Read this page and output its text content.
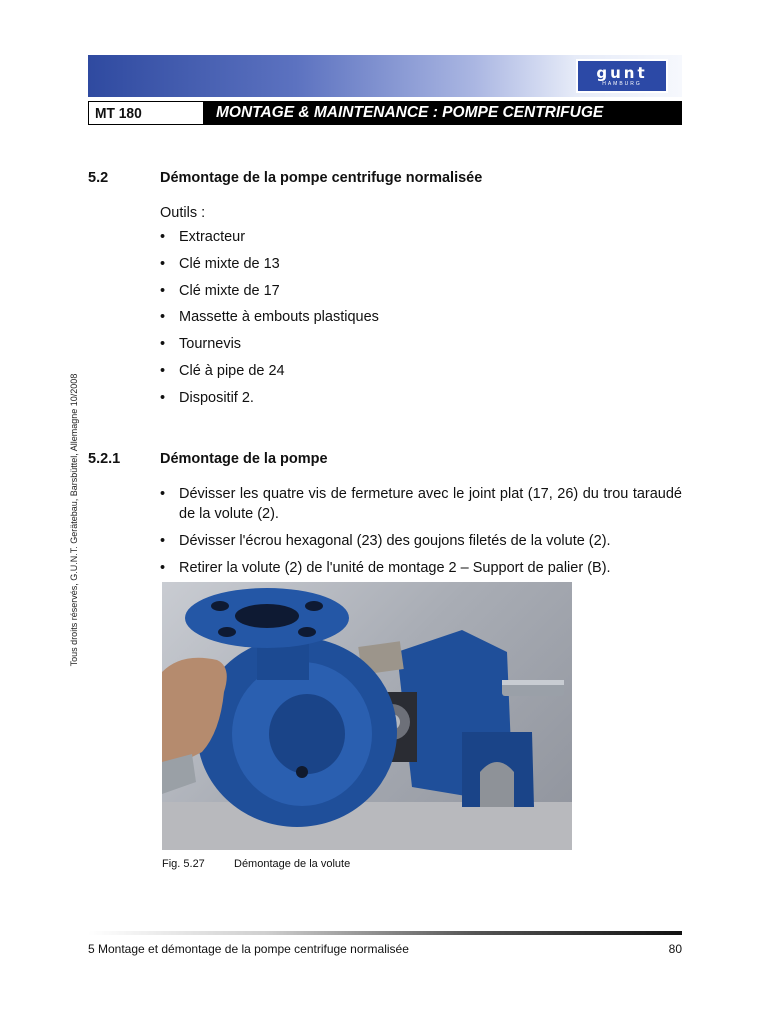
gunt
HAMBURG
MT 180	MONTAGE & MAINTENANCE : POMPE CENTRIFUGE
Tous droits réservés, G.U.N.T. Gerätebau, Barsbüttel, Allemagne 10/2008
5.2	Démontage de la pompe centrifuge normalisée
Outils :
• Extracteur
• Clé mixte de 13
• Clé mixte de 17
• Massette à embouts plastiques
• Tournevis
• Clé à pipe de 24
• Dispositif 2.
5.2.1	Démontage de la pompe
• Dévisser les quatre vis de fermeture avec le joint plat (17, 26) du trou taraudé de la volute (2).
• Dévisser l'écrou hexagonal (23) des goujons filetés de la volute (2).
• Retirer la volute (2) de l'unité de montage 2 – Support de palier (B).
Fig. 5.27	Démontage de la volute
5 Montage et démontage de la pompe centrifuge normalisée	80
